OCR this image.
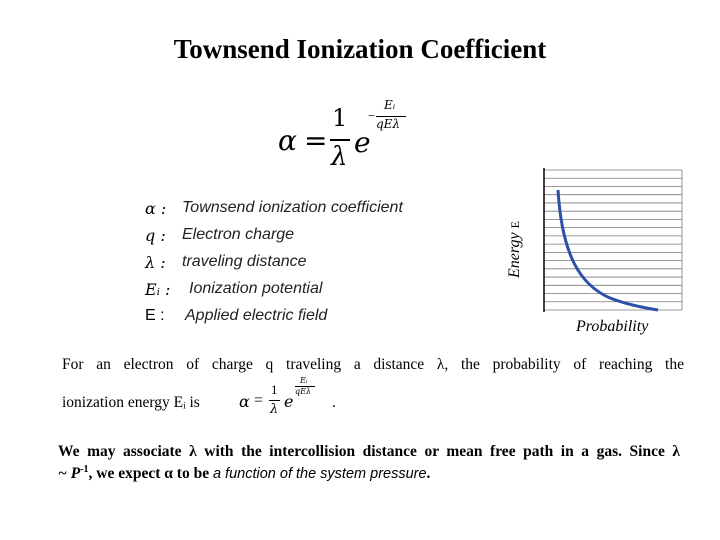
Townsend Ionization Coefficient
α =
1
λ e
−
Eᵢ
qEλ
α : Townsend ionization coefficient
q : Electron charge
λ : traveling distance
Eᵢ : Ionization potential
E : Applied electric field
Energy E
Probability
For an electron of charge q traveling a distance λ, the probability of reaching the
ionization energy Eᵢ is	α =
1
λ e
Eᵢ
qEλ
.
We may associate λ with the intercollision distance or mean free path in a gas. Since λ
~ $P^{-1}$, we expect α to be a function of the system pressure.
